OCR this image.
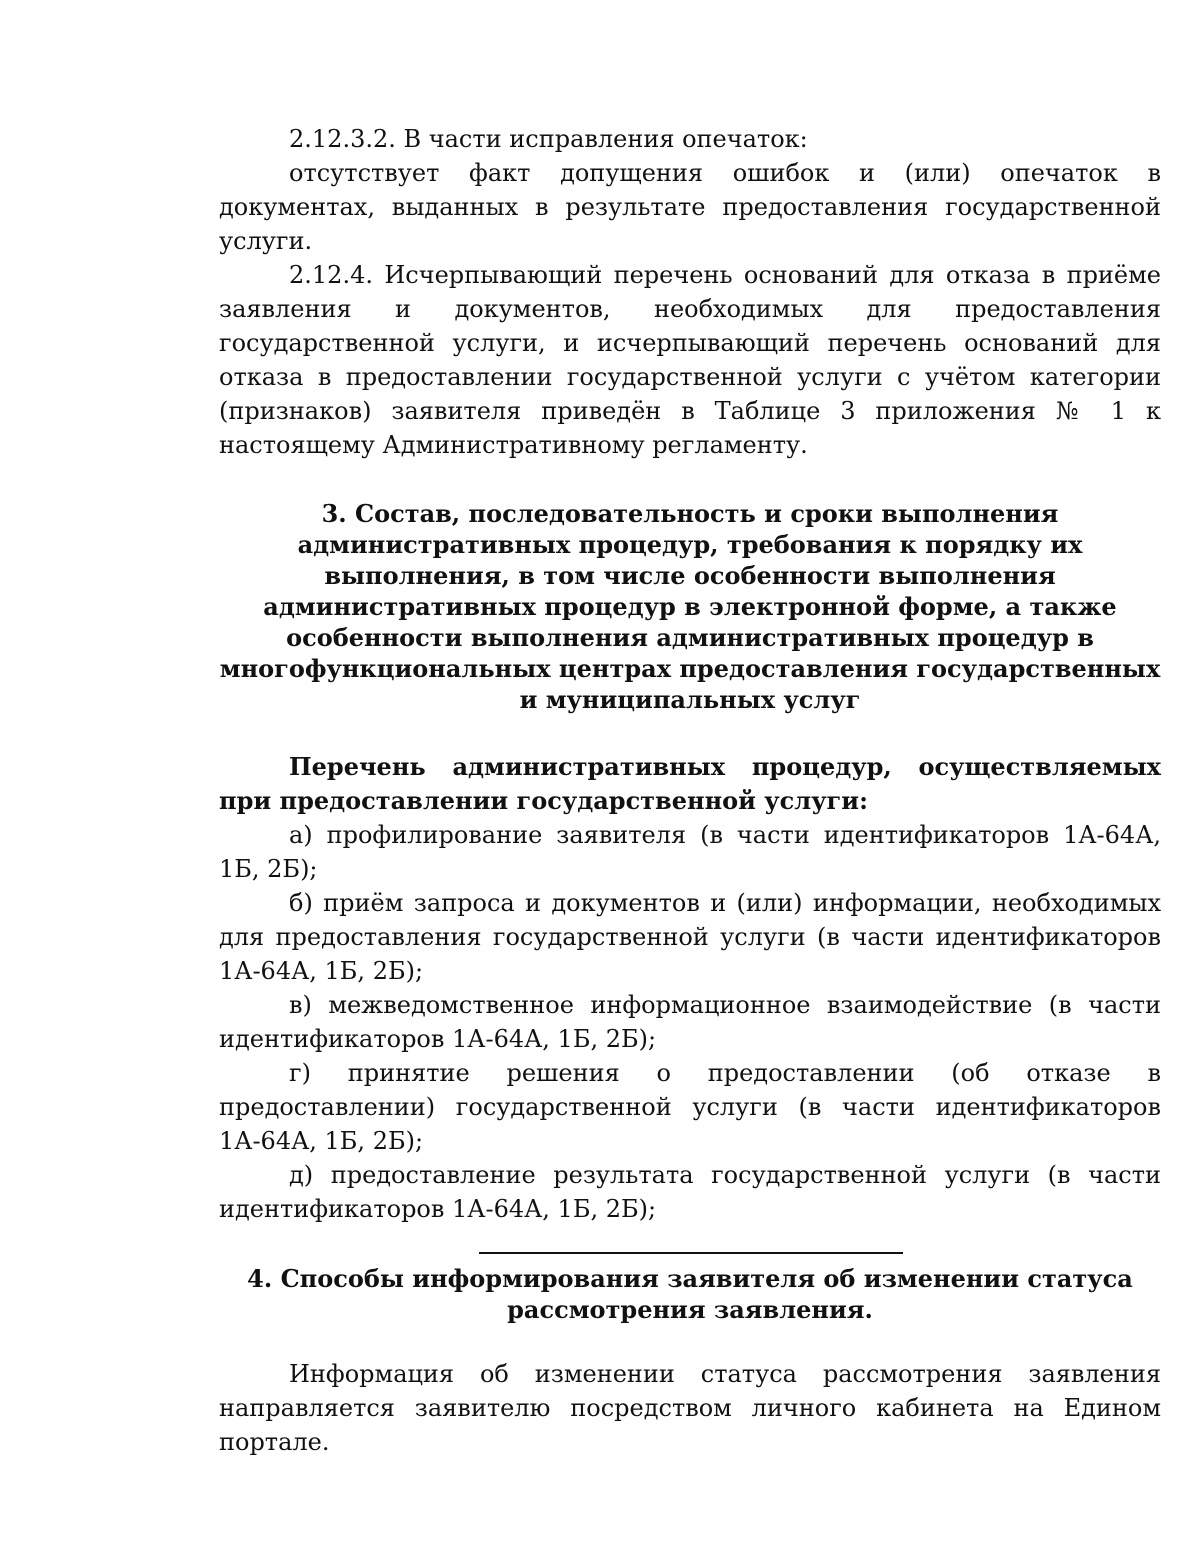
2.12.3.2. В части исправления опечаток:

отсутствует факт допущения ошибок и (или) опечаток в документах, выданных в результате предоставления государственной услуги.

2.12.4. Исчерпывающий перечень оснований для отказа в приёме заявления и документов, необходимых для предоставления государственной услуги, и исчерпывающий перечень оснований для отказа в предоставлении государственной услуги с учётом категории (признаков) заявителя приведён в Таблице 3 приложения № 1 к настоящему Административному регламенту.

3. Состав, последовательность и сроки выполнения административных процедур, требования к порядку их выполнения, в том числе особенности выполнения административных процедур в электронной форме, а также особенности выполнения административных процедур в многофункциональных центрах предоставления государственных и муниципальных услуг

Перечень административных процедур, осуществляемых при предоставлении государственной услуги:

а) профилирование заявителя (в части идентификаторов 1А-64А, 1Б, 2Б);

б) приём запроса и документов и (или) информации, необходимых для предоставления государственной услуги (в части идентификаторов 1А-64А, 1Б, 2Б);

в) межведомственное информационное взаимодействие (в части идентификаторов 1А-64А, 1Б, 2Б);

г) принятие решения о предоставлении (об отказе в предоставлении) государственной услуги (в части идентификаторов 1А-64А, 1Б, 2Б);

д) предоставление результата государственной услуги (в части идентификаторов 1А-64А, 1Б, 2Б);

4. Способы информирования заявителя об изменении статуса
рассмотрения заявления.

Информация об изменении статуса рассмотрения заявления направляется заявителю посредством личного кабинета на Едином портале.
